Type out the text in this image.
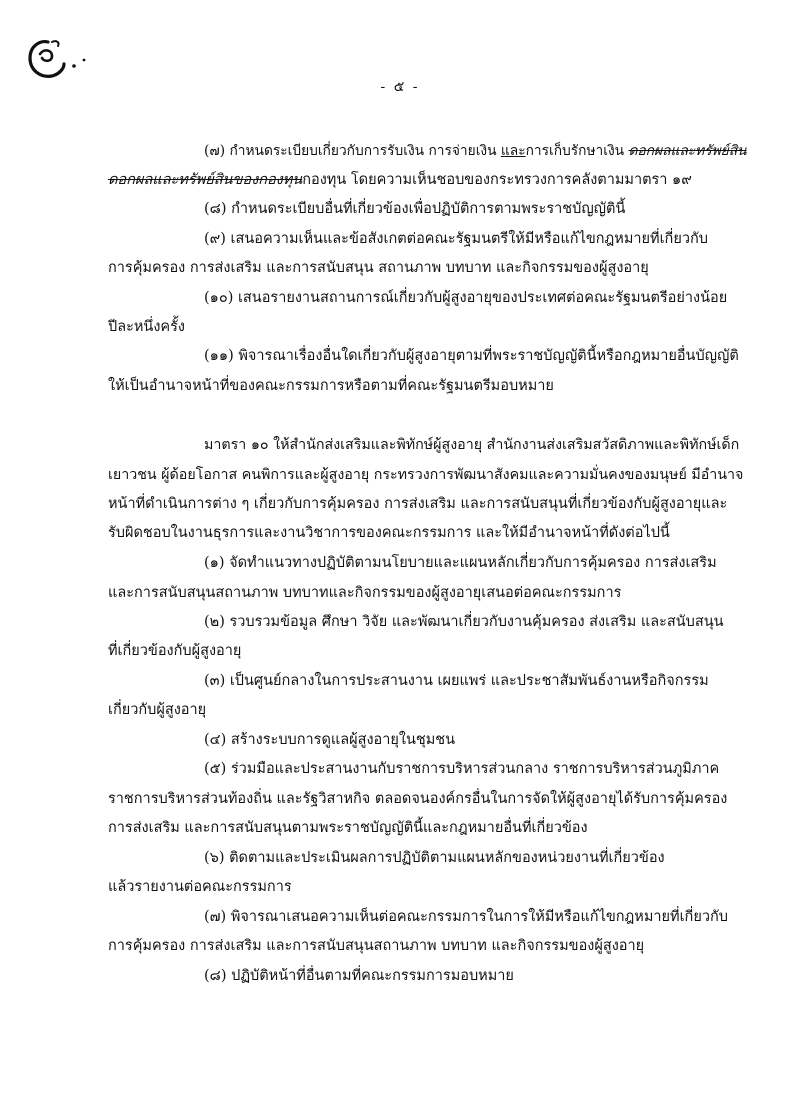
- ๕ -
(๗) กำหนดระเบียบเกี่ยวกับการรับเงิน การจ่ายเงิน และการเก็บรักษาเงิน ดอกผลและทรัพย์สิน
ดอกผลและทรัพย์สินของกองทุนกองทุน โดยความเห็นชอบของกระทรวงการคลังตามมาตรา ๑๙
(๘) กำหนดระเบียบอื่นที่เกี่ยวข้องเพื่อปฏิบัติการตามพระราชบัญญัตินี้
(๙) เสนอความเห็นและข้อสังเกตต่อคณะรัฐมนตรีให้มีหรือแก้ไขกฎหมายที่เกี่ยวกับ
การคุ้มครอง การส่งเสริม และการสนับสนุน สถานภาพ บทบาท และกิจกรรมของผู้สูงอายุ
(๑๐) เสนอรายงานสถานการณ์เกี่ยวกับผู้สูงอายุของประเทศต่อคณะรัฐมนตรีอย่างน้อย
ปีละหนึ่งครั้ง
(๑๑) พิจารณาเรื่องอื่นใดเกี่ยวกับผู้สูงอายุตามที่พระราชบัญญัตินี้หรือกฎหมายอื่นบัญญัติ
ให้เป็นอำนาจหน้าที่ของคณะกรรมการหรือตามที่คณะรัฐมนตรีมอบหมาย
มาตรา ๑๐ ให้สำนักส่งเสริมและพิทักษ์ผู้สูงอายุ สำนักงานส่งเสริมสวัสดิภาพและพิทักษ์เด็ก
เยาวชน ผู้ด้อยโอกาส คนพิการและผู้สูงอายุ กระทรวงการพัฒนาสังคมและความมั่นคงของมนุษย์ มีอำนาจ
หน้าที่ดำเนินการต่าง ๆ เกี่ยวกับการคุ้มครอง การส่งเสริม และการสนับสนุนที่เกี่ยวข้องกับผู้สูงอายุและ
รับผิดชอบในงานธุรการและงานวิชาการของคณะกรรมการ และให้มีอำนาจหน้าที่ดังต่อไปนี้
(๑) จัดทำแนวทางปฏิบัติตามนโยบายและแผนหลักเกี่ยวกับการคุ้มครอง การส่งเสริม
และการสนับสนุนสถานภาพ บทบาทและกิจกรรมของผู้สูงอายุเสนอต่อคณะกรรมการ
(๒) รวบรวมข้อมูล ศึกษา วิจัย และพัฒนาเกี่ยวกับงานคุ้มครอง ส่งเสริม และสนับสนุน
ที่เกี่ยวข้องกับผู้สูงอายุ
(๓) เป็นศูนย์กลางในการประสานงาน เผยแพร่ และประชาสัมพันธ์งานหรือกิจกรรม
เกี่ยวกับผู้สูงอายุ
(๔) สร้างระบบการดูแลผู้สูงอายุในชุมชน
(๕) ร่วมมือและประสานงานกับราชการบริหารส่วนกลาง ราชการบริหารส่วนภูมิภาค
ราชการบริหารส่วนท้องถิ่น และรัฐวิสาหกิจ ตลอดจนองค์กรอื่นในการจัดให้ผู้สูงอายุได้รับการคุ้มครอง
การส่งเสริม และการสนับสนุนตามพระราชบัญญัตินี้และกฎหมายอื่นที่เกี่ยวข้อง
(๖) ติดตามและประเมินผลการปฏิบัติตามแผนหลักของหน่วยงานที่เกี่ยวข้อง
แล้วรายงานต่อคณะกรรมการ
(๗) พิจารณาเสนอความเห็นต่อคณะกรรมการในการให้มีหรือแก้ไขกฎหมายที่เกี่ยวกับ
การคุ้มครอง การส่งเสริม และการสนับสนุนสถานภาพ บทบาท และกิจกรรมของผู้สูงอายุ
(๘) ปฏิบัติหน้าที่อื่นตามที่คณะกรรมการมอบหมาย
